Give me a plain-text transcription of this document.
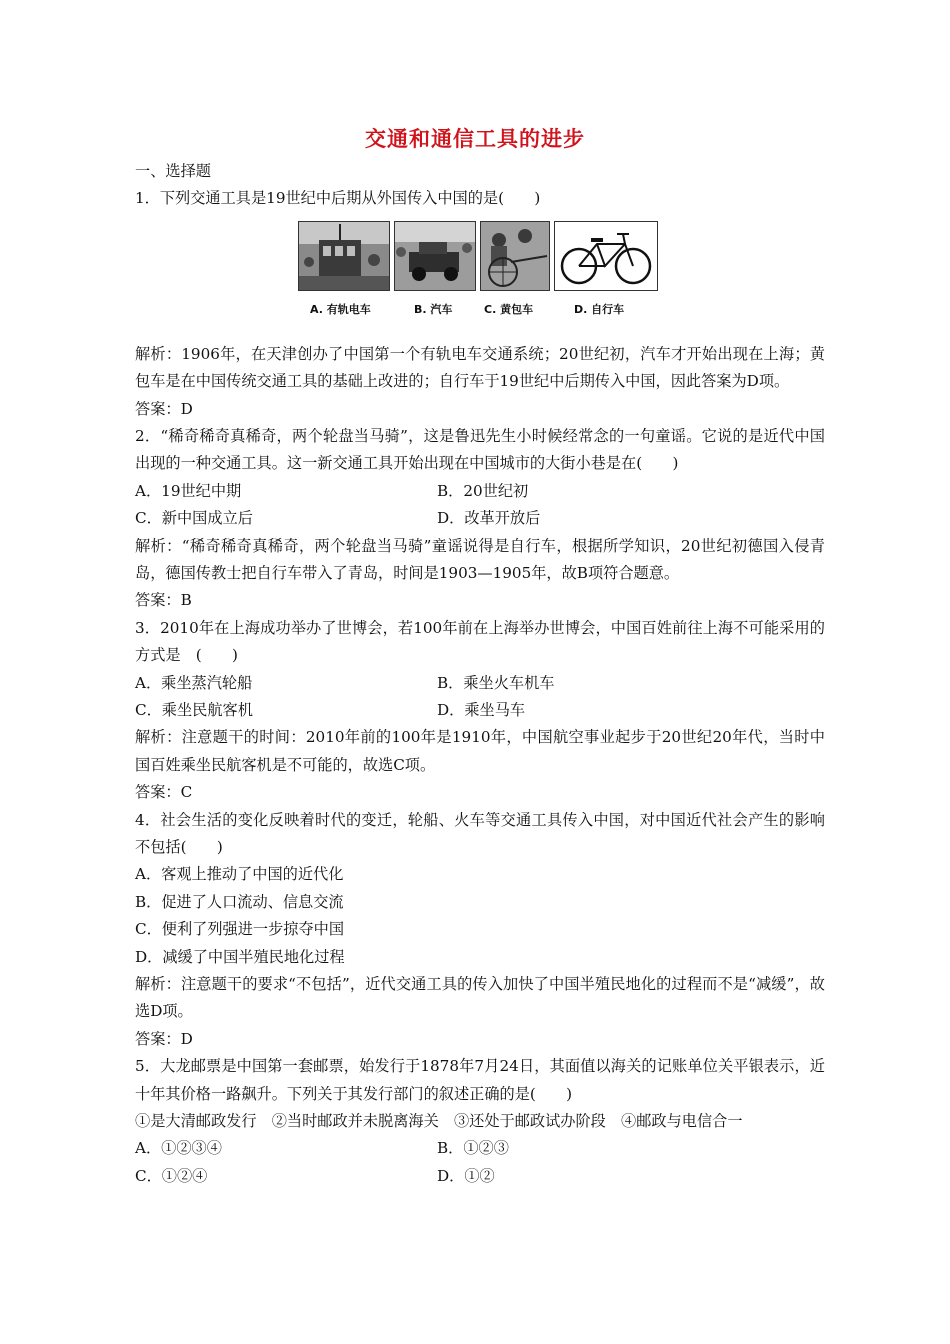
交通和通信工具的进步
一、选择题
1．下列交通工具是19世纪中后期从外国传入中国的是(　　)
A. 有轨电车	B. 汽车	C. 黄包车	D. 自行车
解析：1906年，在天津创办了中国第一个有轨电车交通系统；20世纪初，汽车才开始出现在上海；黄包车是在中国传统交通工具的基础上改进的；自行车于19世纪中后期传入中国，因此答案为D项。
答案：D
2．“稀奇稀奇真稀奇，两个轮盘当马骑”，这是鲁迅先生小时候经常念的一句童谣。它说的是近代中国出现的一种交通工具。这一新交通工具开始出现在中国城市的大街小巷是在(　　)
A．19世纪中期	B．20世纪初
C．新中国成立后	D．改革开放后
解析：“稀奇稀奇真稀奇，两个轮盘当马骑”童谣说得是自行车，根据所学知识，20世纪初德国入侵青岛，德国传教士把自行车带入了青岛，时间是1903—1905年，故B项符合题意。
答案：B
3．2010年在上海成功举办了世博会，若100年前在上海举办世博会，中国百姓前往上海不可能采用的方式是　(　　)
A．乘坐蒸汽轮船	B．乘坐火车机车
C．乘坐民航客机	D．乘坐马车
解析：注意题干的时间：2010年前的100年是1910年，中国航空事业起步于20世纪20年代，当时中国百姓乘坐民航客机是不可能的，故选C项。
答案：C
4．社会生活的变化反映着时代的变迁，轮船、火车等交通工具传入中国，对中国近代社会产生的影响不包括(　　)
A．客观上推动了中国的近代化
B．促进了人口流动、信息交流
C．便利了列强进一步掠夺中国
D．减缓了中国半殖民地化过程
解析：注意题干的要求“不包括”，近代交通工具的传入加快了中国半殖民地化的过程而不是“减缓”，故选D项。
答案：D
5．大龙邮票是中国第一套邮票，始发行于1878年7月24日，其面值以海关的记账单位关平银表示，近十年其价格一路飙升。下列关于其发行部门的叙述正确的是(　　)
①是大清邮政发行　②当时邮政并未脱离海关　③还处于邮政试办阶段　④邮政与电信合一
A．①②③④	B．①②③
C．①②④	D．①②
